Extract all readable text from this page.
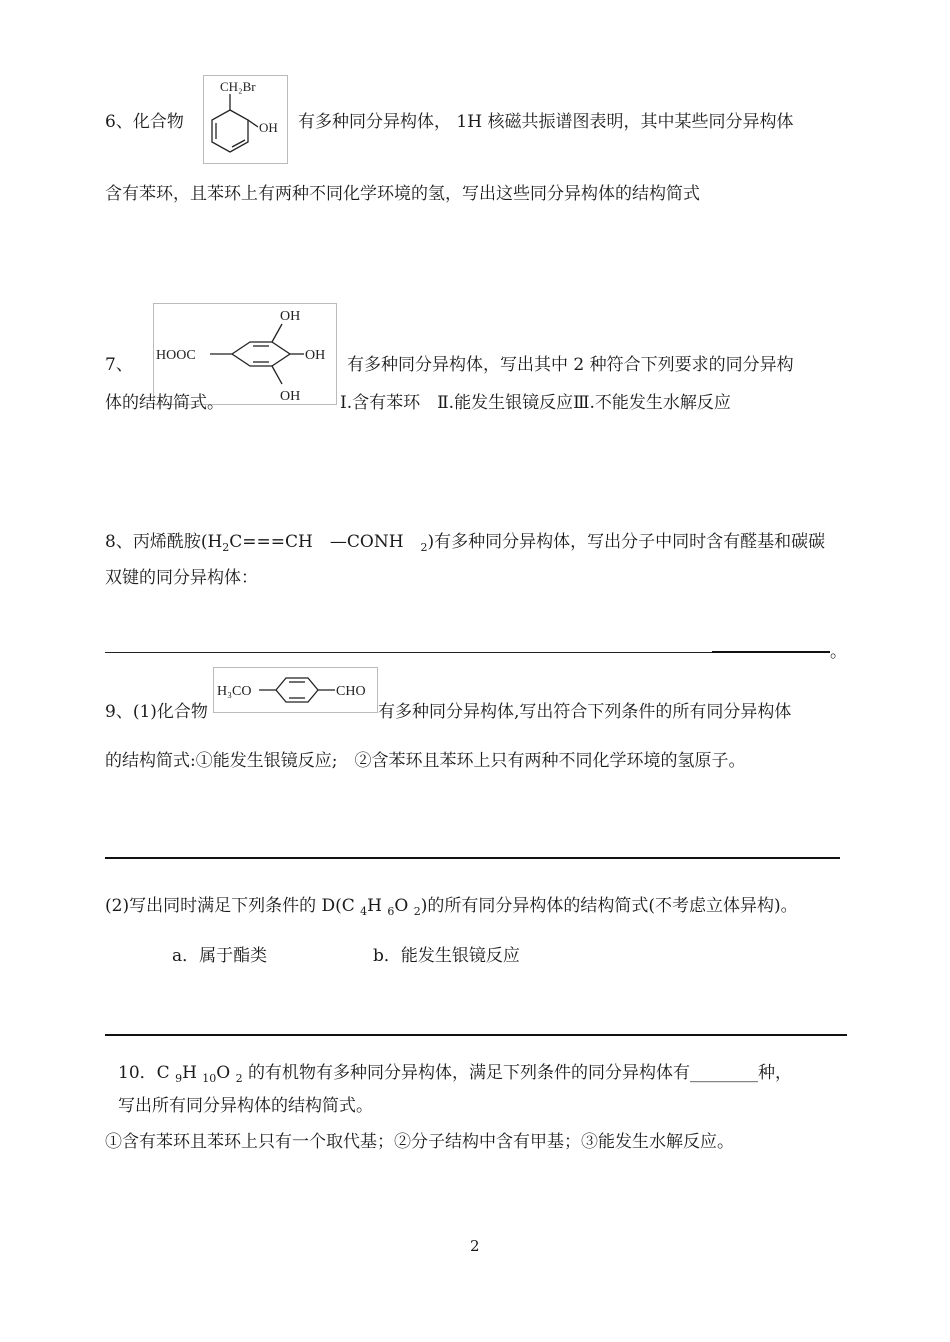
6、化合物
CH₂Br
OH 有多种同分异构体， 1H 核磁共振谱图表明，其中某些同分异构体
含有苯环，且苯环上有两种不同化学环境的氢，写出这些同分异构体的结构简式
HOOC
OH
OH
OH
7、	有多种同分异构体，写出其中 2 种符合下列要求的同分异构
体的结构简式。	Ⅰ.含有苯环　Ⅱ.能发生银镜反应Ⅲ.不能发生水解反应
8、丙烯酰胺($H_2C===CH$　—CONH　 $_2$)有多种同分异构体，写出分子中同时含有醛基和碳碳
双键的同分异构体：
。
9、(1)化合物
H₃CO	CHO
有多种同分异构体,写出符合下列条件的所有同分异构体
的结构简式:①能发生银镜反应;　②含苯环且苯环上只有两种不同化学环境的氢原子。
(2)写出同时满足下列条件的 D(C $_4$H $_6$O $_2$)的所有同分异构体的结构简式(不考虑立体异构)。
a．属于酯类	b．能发生银镜反应
10．C $_9$H $_{10}$O $_2$ 的有机物有多种同分异构体，满足下列条件的同分异构体有________种，
写出所有同分异构体的结构简式。
①含有苯环且苯环上只有一个取代基；②分子结构中含有甲基；③能发生水解反应。
2
